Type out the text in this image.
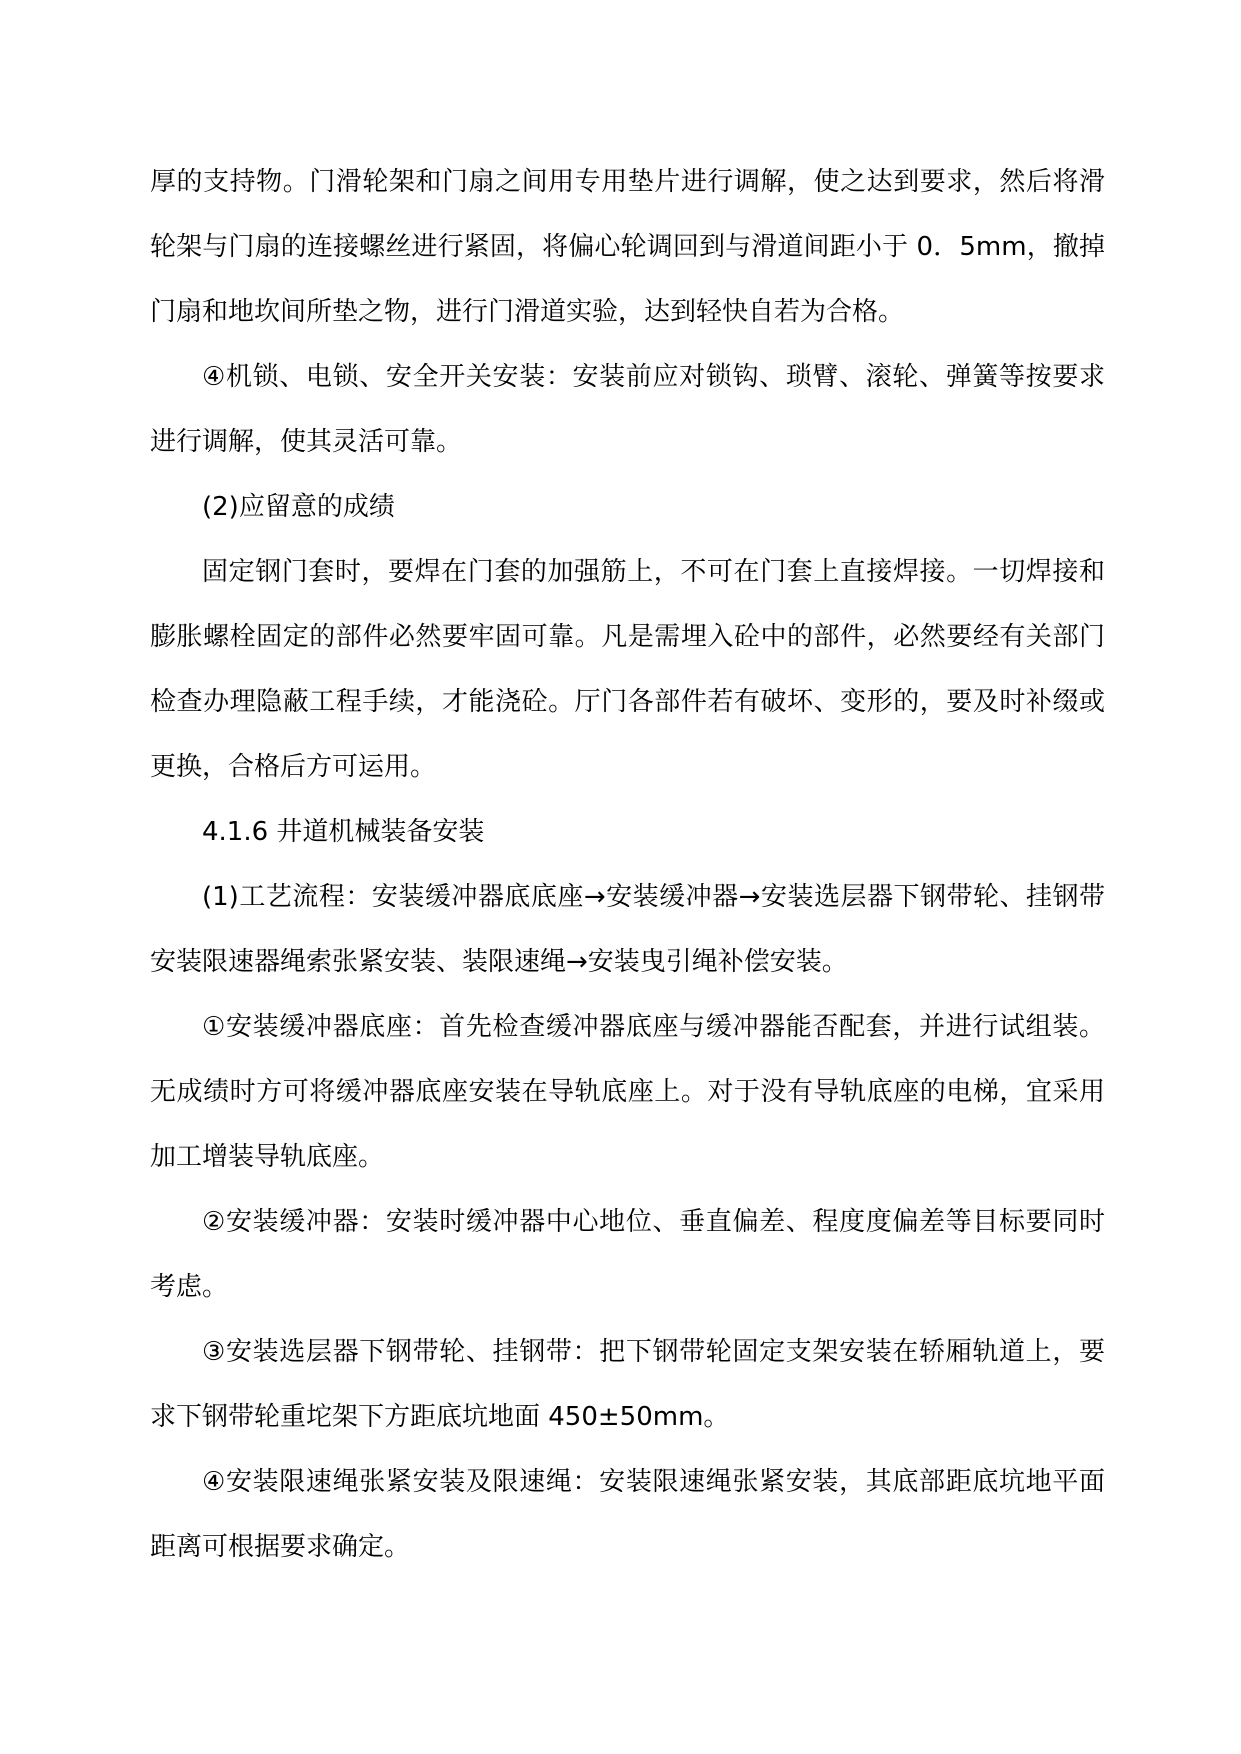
厚的支持物。门滑轮架和门扇之间用专用垫片进行调解，使之达到要求，然后将滑轮架与门扇的连接螺丝进行紧固，将偏心轮调回到与滑道间距小于 0．5mm，撤掉门扇和地坎间所垫之物，进行门滑道实验，达到轻快自若为合格。

④机锁、电锁、安全开关安装：安装前应对锁钩、琐臂、滚轮、弹簧等按要求进行调解，使其灵活可靠。

(2)应留意的成绩

固定钢门套时，要焊在门套的加强筋上，不可在门套上直接焊接。一切焊接和膨胀螺栓固定的部件必然要牢固可靠。凡是需埋入砼中的部件，必然要经有关部门检查办理隐蔽工程手续，才能浇砼。厅门各部件若有破坏、变形的，要及时补缀或更换，合格后方可运用。

4.1.6 井道机械装备安装

(1)工艺流程：安装缓冲器底底座→安装缓冲器→安装选层器下钢带轮、挂钢带安装限速器绳索张紧安装、装限速绳→安装曳引绳补偿安装。

①安装缓冲器底座：首先检查缓冲器底座与缓冲器能否配套，并进行试组装。无成绩时方可将缓冲器底座安装在导轨底座上。对于没有导轨底座的电梯，宜采用加工增装导轨底座。

②安装缓冲器：安装时缓冲器中心地位、垂直偏差、程度度偏差等目标要同时考虑。

③安装选层器下钢带轮、挂钢带：把下钢带轮固定支架安装在轿厢轨道上，要求下钢带轮重坨架下方距底坑地面 450±50mm。

④安装限速绳张紧安装及限速绳：安装限速绳张紧安装，其底部距底坑地平面距离可根据要求确定。
